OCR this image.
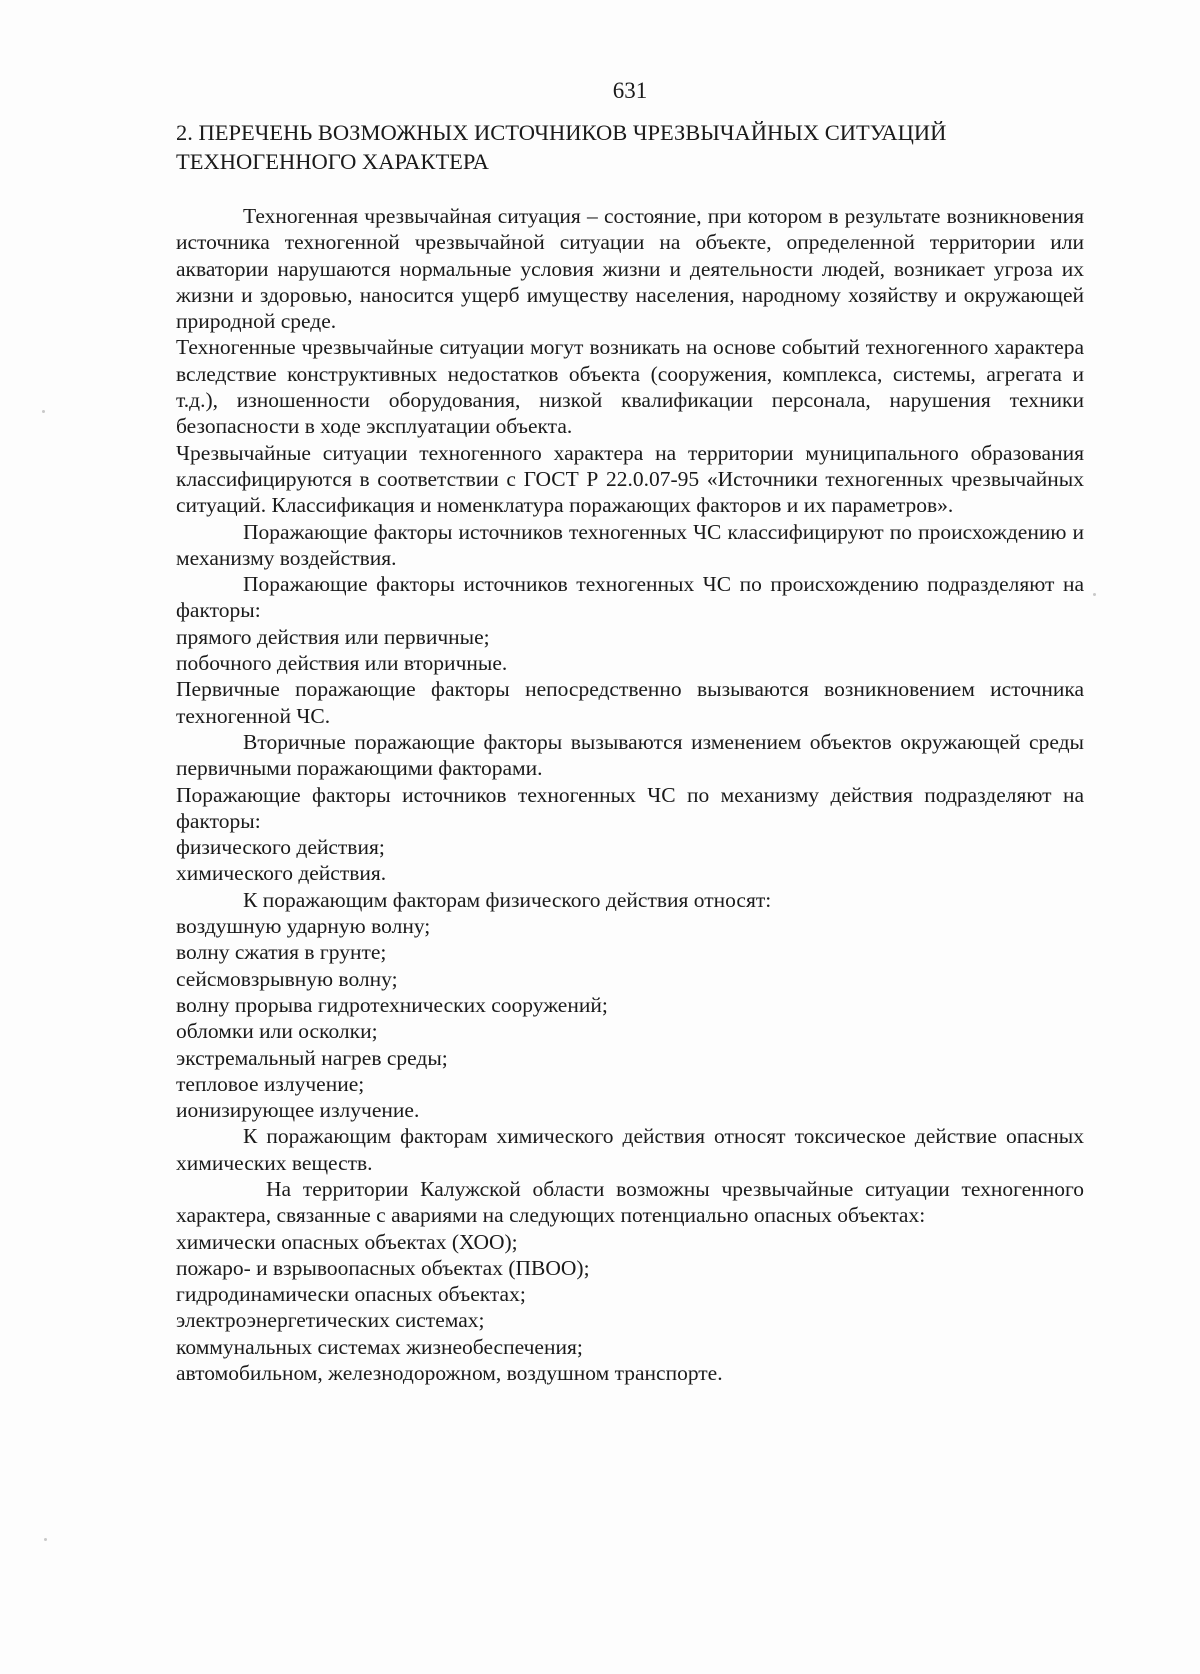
631
2. ПЕРЕЧЕНЬ ВОЗМОЖНЫХ ИСТОЧНИКОВ ЧРЕЗВЫЧАЙНЫХ СИТУАЦИЙ
ТЕХНОГЕННОГО ХАРАКТЕРА

Техногенная чрезвычайная ситуация – состояние, при котором в результате возникновения источника техногенной чрезвычайной ситуации на объекте, определенной территории или акватории нарушаются нормальные условия жизни и деятельности людей, возникает угроза их жизни и здоровью, наносится ущерб имуществу населения, народному хозяйству и окружающей природной среде.

Техногенные чрезвычайные ситуации могут возникать на основе событий техногенного характера вследствие конструктивных недостатков объекта (сооружения, комплекса, системы, агрегата и т.д.), изношенности оборудования, низкой квалификации персонала, нарушения техники безопасности в ходе эксплуатации объекта.

Чрезвычайные ситуации техногенного характера на территории муниципального образования классифицируются в соответствии с ГОСТ Р 22.0.07-95 «Источники техногенных чрезвычайных ситуаций. Классификация и номенклатура поражающих факторов и их параметров».

Поражающие факторы источников техногенных ЧС классифицируют по происхождению и механизму воздействия.

Поражающие факторы источников техногенных ЧС по происхождению подразделяют на факторы:

прямого действия или первичные;

побочного действия или вторичные.

Первичные поражающие факторы непосредственно вызываются возникновением источника техногенной ЧС.

Вторичные поражающие факторы вызываются изменением объектов окружающей среды первичными поражающими факторами.

Поражающие факторы источников техногенных ЧС по механизму действия подразделяют на факторы:

физического действия;

химического действия.

К поражающим факторам физического действия относят:

воздушную ударную волну;

волну сжатия в грунте;

сейсмовзрывную волну;

волну прорыва гидротехнических сооружений;

обломки или осколки;

экстремальный нагрев среды;

тепловое излучение;

ионизирующее излучение.

К поражающим факторам химического действия относят токсическое действие опасных химических веществ.

На территории Калужской области возможны чрезвычайные ситуации техногенного характера, связанные с авариями на следующих потенциально опасных объектах:

химически опасных объектах (ХОО);

пожаро- и взрывоопасных объектах (ПВОО);

гидродинамически опасных объектах;

электроэнергетических системах;

коммунальных системах жизнеобеспечения;

автомобильном, железнодорожном, воздушном транспорте.
